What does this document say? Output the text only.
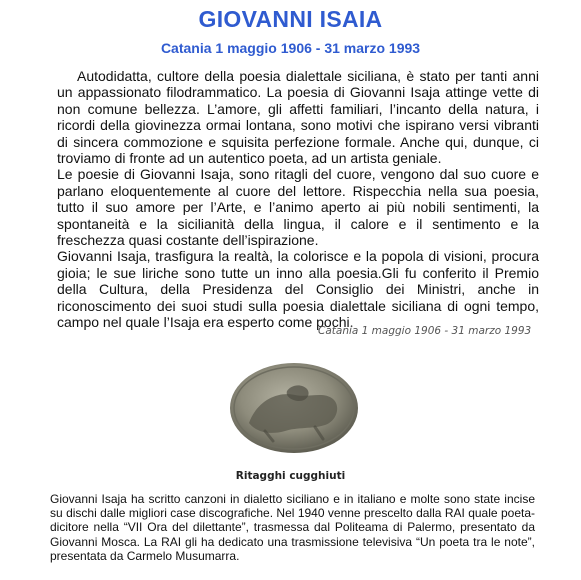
GIOVANNI ISAIA
Catania 1 maggio 1906 - 31 marzo 1993

Autodidatta, cultore della poesia dialettale siciliana, è stato per tanti anni un appassionato filodrammatico. La poesia di Giovanni Isaja attinge vette di non comune bellezza. L’amore, gli affetti familiari, l’incanto della natura, i ricordi della giovinezza ormai lontana, sono motivi che ispirano versi vibranti di sincera commozione e squisita perfezione formale. Anche qui, dunque, ci troviamo di fronte ad un autentico poeta, ad un artista geniale.

Le poesie di Giovanni Isaja, sono ritagli del cuore, vengono dal suo cuore e parlano eloquentemente al cuore del lettore. Rispecchia nella sua poesia, tutto il suo amore per l’Arte, e l’animo aperto ai più nobili sentimenti, la spontaneità e la sicilianità della lingua, il calore e il sentimento e la freschezza quasi costante dell’ispirazione.

Giovanni Isaja, trasfigura la realtà, la colorisce e la popola di visioni, procura gioia; le sue liriche sono tutte un inno alla poesia.Gli fu conferito il Premio della Cultura, della Presidenza del Consiglio dei Ministri, anche in riconoscimento dei suoi studi sulla poesia dialettale siciliana di ogni tempo, campo nel quale l’Isaja era esperto come pochi.

Catania 1 maggio 1906 - 31 marzo 1993
Ritagghi cugghiuti

Giovanni Isaja ha scritto canzoni in dialetto siciliano e in italiano e molte sono state incise su dischi dalle migliori case discografiche. Nel 1940 venne prescelto dalla RAI quale poeta-dicitore nella “VII Ora del dilettante”, trasmessa dal Politeama di Palermo, presentato da Giovanni Mosca. La RAI gli ha dedicato una trasmissione televisiva “Un poeta tra le note”, presentata da Carmelo Musumarra.
